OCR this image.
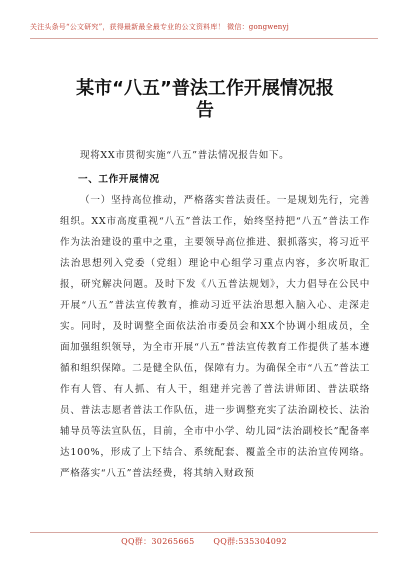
关注头条号“公文研究”，获得最新最全最专业的公文资料库！ 微信：gongwenyj
某市“八五”普法工作开展情况报告
现将XX市贯彻实施“八五”普法情况报告如下。
一、工作开展情况
（一）坚持高位推动，严格落实普法责任。一是规划先行，完善组织。XX市高度重视“八五”普法工作，始终坚持把“八五”普法工作作为法治建设的重中之重，主要领导高位推进、狠抓落实，将习近平法治思想列入党委（党组）理论中心组学习重点内容，多次听取汇报，研究解决问题。及时下发《八五普法规划》，大力倡导在公民中开展“八五”普法宣传教育，推动习近平法治思想入脑入心、走深走实。同时，及时调整全面依法治市委员会和XX个协调小组成员，全面加强组织领导，为全市开展“八五”普法宣传教育工作提供了基本遵循和组织保障。二是健全队伍，保障有力。为确保全市“八五”普法工作有人管、有人抓、有人干，组建并完善了普法讲师团、普法联络员、普法志愿者普法工作队伍，进一步调整充实了法治副校长、法治辅导员等法宣队伍，目前，全市中小学、幼儿园“法治副校长”配备率达100%，形成了上下结合、系统配套、覆盖全市的法治宣传网络。严格落实“八五”普法经费，将其纳入财政预
QQ群：30265665 QQ群:535304092
